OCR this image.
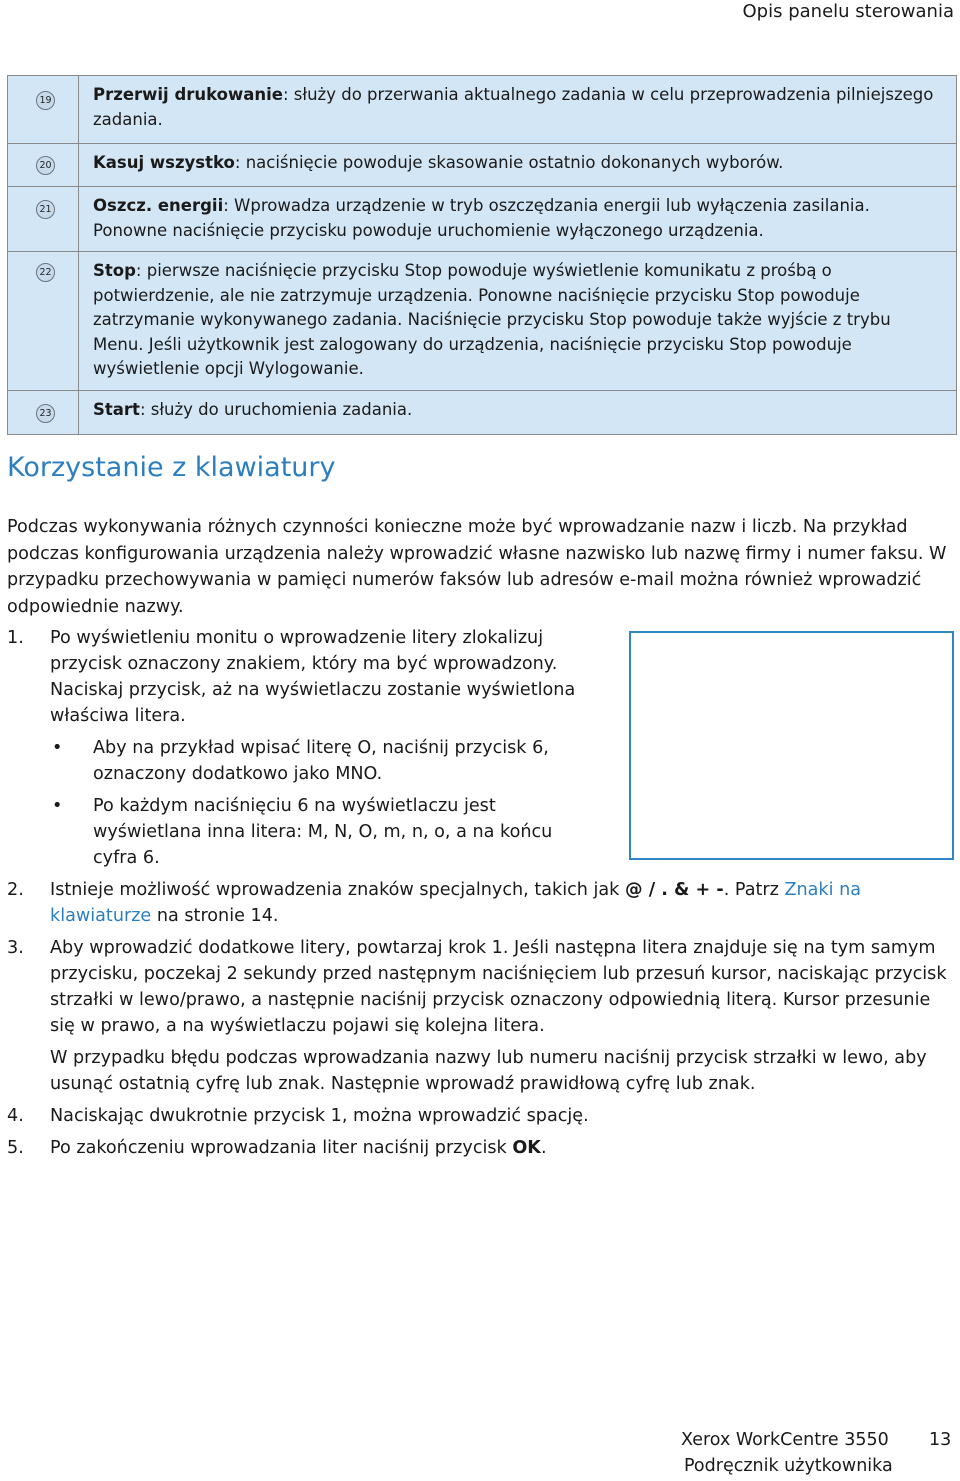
Opis panelu sterowania
19	Przerwij drukowanie: służy do przerwania aktualnego zadania w celu przeprowadzenia pilniejszego zadania.

20	Kasuj wszystko: naciśnięcie powoduje skasowanie ostatnio dokonanych wyborów.

21	Oszcz. energii: Wprowadza urządzenie w tryb oszczędzania energii lub wyłączenia zasilania. Ponowne naciśnięcie przycisku powoduje uruchomienie wyłączonego urządzenia.

22	Stop: pierwsze naciśnięcie przycisku Stop powoduje wyświetlenie komunikatu z prośbą o potwierdzenie, ale nie zatrzymuje urządzenia. Ponowne naciśnięcie przycisku Stop powoduje zatrzymanie wykonywanego zadania. Naciśnięcie przycisku Stop powoduje także wyjście z trybu Menu. Jeśli użytkownik jest zalogowany do urządzenia, naciśnięcie przycisku Stop powoduje wyświetlenie opcji Wylogowanie.

23	Start: służy do uruchomienia zadania.
Korzystanie z klawiatury

Podczas wykonywania różnych czynności konieczne może być wprowadzanie nazw i liczb. Na przykład podczas konfigurowania urządzenia należy wprowadzić własne nazwisko lub nazwę firmy i numer faksu. W przypadku przechowywania w pamięci numerów faksów lub adresów e-mail można również wprowadzić odpowiednie nazwy.

1. Po wyświetleniu monitu o wprowadzenie litery zlokalizuj przycisk oznaczony znakiem, który ma być wprowadzony. Naciskaj przycisk, aż na wyświetlaczu zostanie wyświetlona właściwa litera.
• Aby na przykład wpisać literę O, naciśnij przycisk 6, oznaczony dodatkowo jako MNO.
• Po każdym naciśnięciu 6 na wyświetlaczu jest wyświetlana inna litera: M, N, O, m, n, o, a na końcu cyfra 6.
2. Istnieje możliwość wprowadzenia znaków specjalnych, takich jak @ / . & + -. Patrz Znaki na klawiaturze na stronie 14.
3. Aby wprowadzić dodatkowe litery, powtarzaj krok 1. Jeśli następna litera znajduje się na tym samym przycisku, poczekaj 2 sekundy przed następnym naciśnięciem lub przesuń kursor, naciskając przycisk strzałki w lewo/prawo, a następnie naciśnij przycisk oznaczony odpowiednią literą. Kursor przesunie się w prawo, a na wyświetlaczu pojawi się kolejna litera.
W przypadku błędu podczas wprowadzania nazwy lub numeru naciśnij przycisk strzałki w lewo, aby usunąć ostatnią cyfrę lub znak. Następnie wprowadź prawidłową cyfrę lub znak.
4. Naciskając dwukrotnie przycisk 1, można wprowadzić spację.
5. Po zakończeniu wprowadzania liter naciśnij przycisk OK.
Xerox WorkCentre 3550
Podręcznik użytkownika
13
